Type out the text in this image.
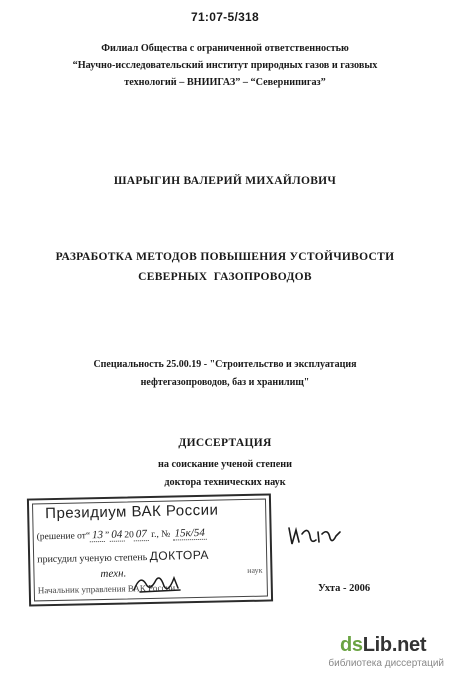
71:07-5/318
Филиал Общества с ограниченной ответственностью
“Научно-исследовательский институт природных газов и газовых
технологий – ВНИИГАЗ” – “Севернипигаз”
ШАРЫГИН ВАЛЕРИЙ МИХАЙЛОВИЧ
РАЗРАБОТКА МЕТОДОВ ПОВЫШЕНИЯ УСТОЙЧИВОСТИ
СЕВЕРНЫХ  ГАЗОПРОВОДОВ
Специальность 25.00.19 - "Строительство и эксплуатация
нефтегазопроводов, баз и хранилищ"
ДИССЕРТАЦИЯ
на соискание ученой степени
доктора технических наук
Президиум ВАК России
(решение от“ 13 ” 04 20 07 г., № 15к/54
присудил ученую степень ДОКТОРА
техн.	наук
Начальник управления ВАК России	Ухта - 2006
dsLib.net
библиотека диссертаций
